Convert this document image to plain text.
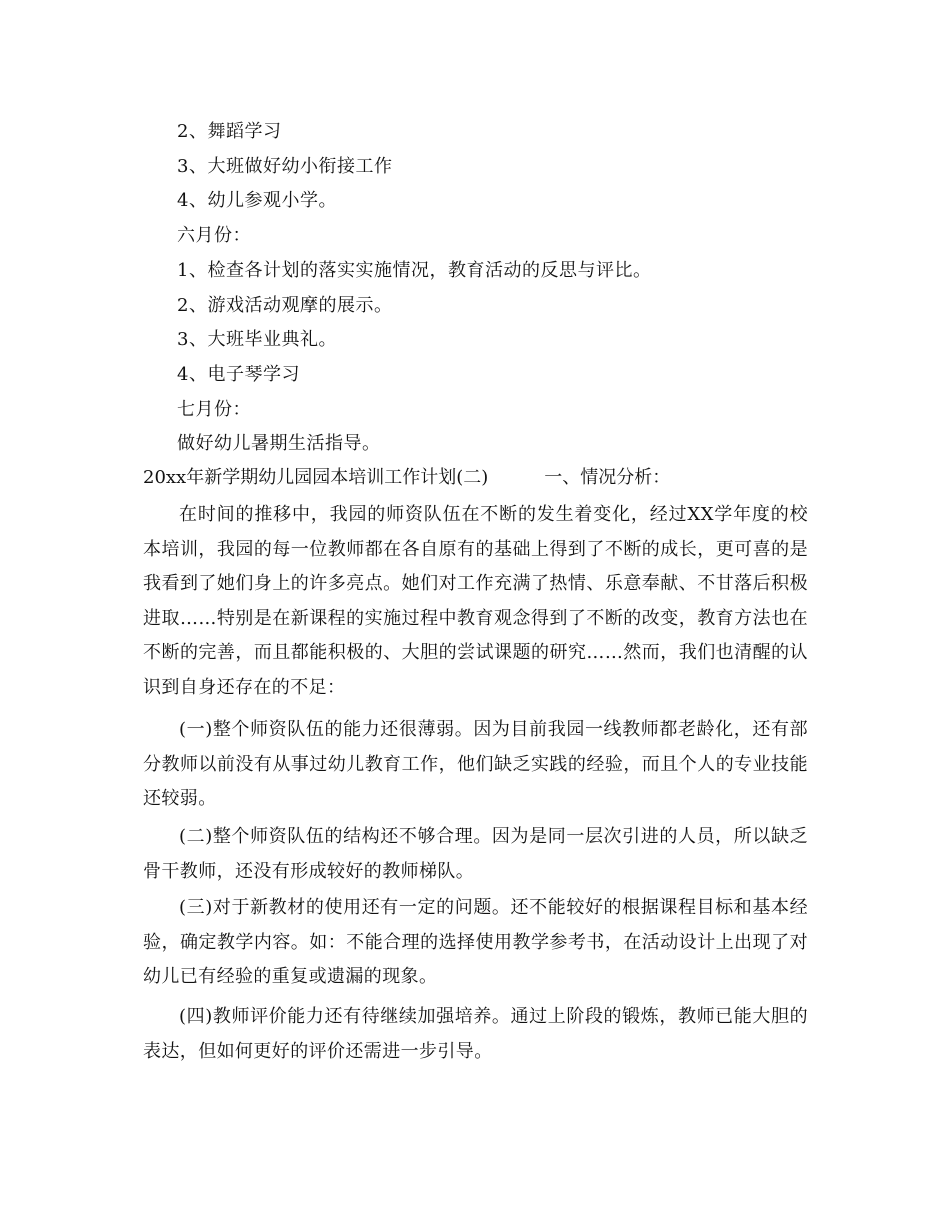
2、舞蹈学习
3、大班做好幼小衔接工作
4、幼儿参观小学。
六月份：
1、检查各计划的落实实施情况，教育活动的反思与评比。
2、游戏活动观摩的展示。
3、大班毕业典礼。
4、电子琴学习
七月份：
做好幼儿暑期生活指导。
20xx年新学期幼儿园园本培训工作计划(二)	一、情况分析：
在时间的推移中，我园的师资队伍在不断的发生着变化，经过XX学年度的校本培训，我园的每一位教师都在各自原有的基础上得到了不断的成长，更可喜的是我看到了她们身上的许多亮点。她们对工作充满了热情、乐意奉献、不甘落后积极进取……特别是在新课程的实施过程中教育观念得到了不断的改变，教育方法也在不断的完善，而且都能积极的、大胆的尝试课题的研究……然而，我们也清醒的认识到自身还存在的不足：
(一)整个师资队伍的能力还很薄弱。因为目前我园一线教师都老龄化，还有部分教师以前没有从事过幼儿教育工作，他们缺乏实践的经验，而且个人的专业技能还较弱。
(二)整个师资队伍的结构还不够合理。因为是同一层次引进的人员，所以缺乏骨干教师，还没有形成较好的教师梯队。
(三)对于新教材的使用还有一定的问题。还不能较好的根据课程目标和基本经验，确定教学内容。如：不能合理的选择使用教学参考书，在活动设计上出现了对幼儿已有经验的重复或遗漏的现象。
(四)教师评价能力还有待继续加强培养。通过上阶段的锻炼，教师已能大胆的表达，但如何更好的评价还需进一步引导。
